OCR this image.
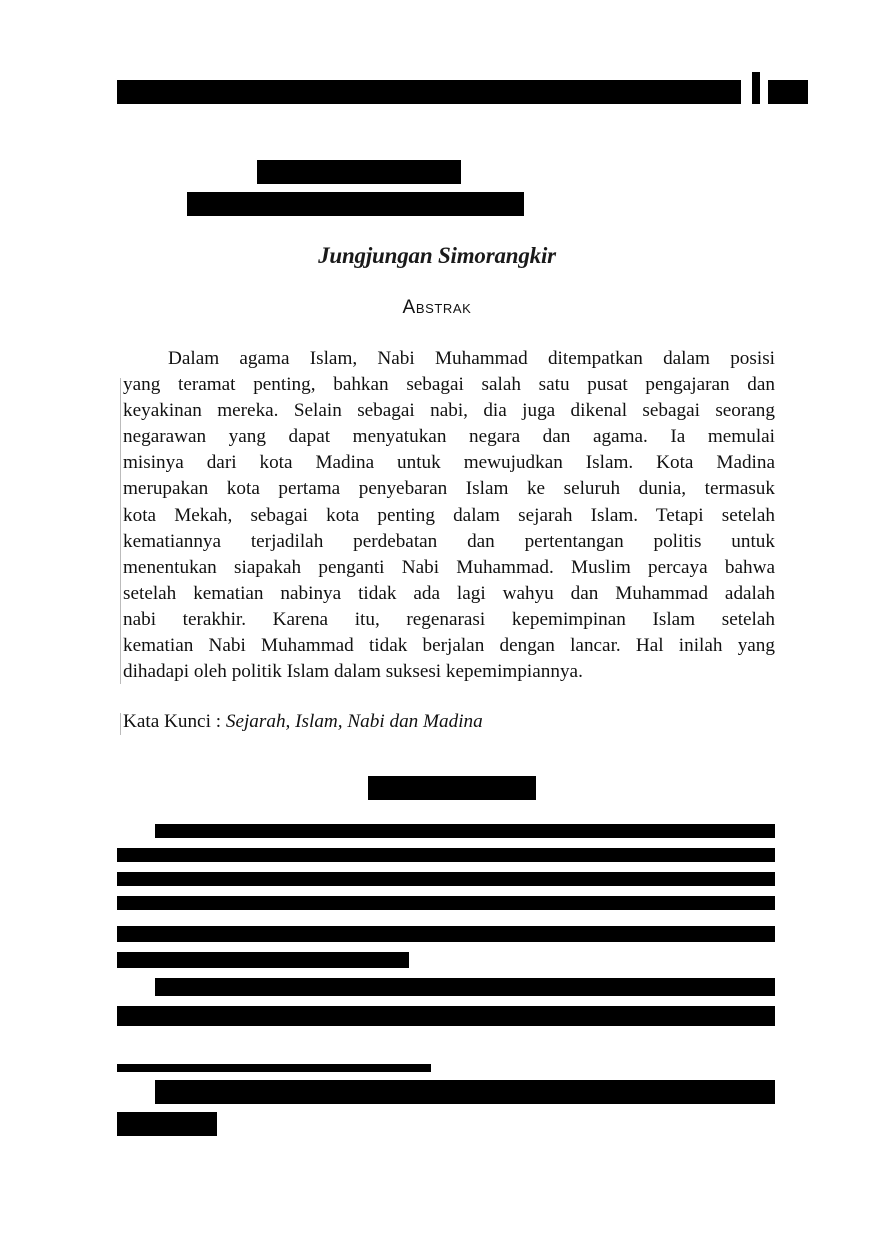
Jungjungan Simorangkir
Abstrak
Dalam agama Islam, Nabi Muhammad ditempatkan dalam posisi
yang teramat penting, bahkan sebagai salah satu pusat pengajaran dan
keyakinan mereka. Selain sebagai nabi, dia juga dikenal sebagai seorang
negarawan yang dapat menyatukan negara dan agama. Ia memulai
misinya dari kota Madina untuk mewujudkan Islam. Kota Madina
merupakan kota pertama penyebaran Islam ke seluruh dunia, termasuk
kota Mekah, sebagai kota penting dalam sejarah Islam. Tetapi setelah
kematiannya terjadilah perdebatan dan pertentangan politis untuk
menentukan siapakah penganti Nabi Muhammad. Muslim percaya bahwa
setelah kematian nabinya tidak ada lagi wahyu dan Muhammad adalah
nabi terakhir. Karena itu, regenarasi kepemimpinan Islam setelah
kematian Nabi Muhammad tidak berjalan dengan lancar. Hal inilah yang
dihadapi oleh politik Islam dalam suksesi kepemimpiannya.
Kata Kunci : Sejarah, Islam, Nabi dan Madina
